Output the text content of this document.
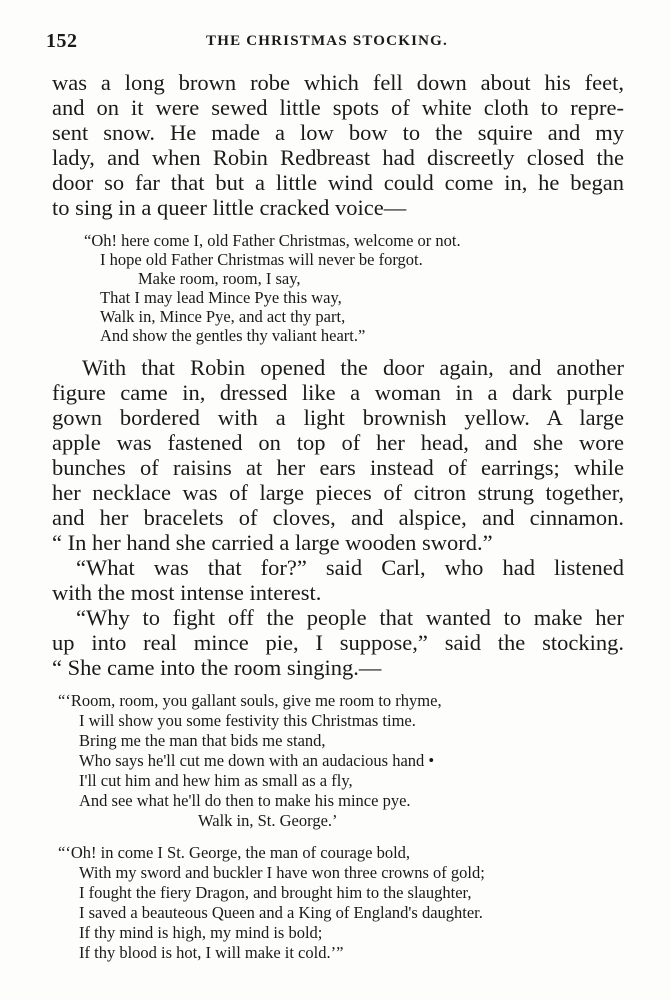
152	THE CHRISTMAS STOCKING.
was a long brown robe which fell down about his feet,
and on it were sewed little spots of white cloth to repre-
sent snow. He made a low bow to the squire and my
lady, and when Robin Redbreast had discreetly closed the
door so far that but a little wind could come in, he began
to sing in a queer little cracked voice—
“Oh! here come I, old Father Christmas, welcome or not.
I hope old Father Christmas will never be forgot.
Make room, room, I say,
That I may lead Mince Pye this way,
Walk in, Mince Pye, and act thy part,
And show the gentles thy valiant heart.”
With that Robin opened the door again, and another
figure came in, dressed like a woman in a dark purple
gown bordered with a light brownish yellow. A large
apple was fastened on top of her head, and she wore
bunches of raisins at her ears instead of earrings; while
her necklace was of large pieces of citron strung together,
and her bracelets of cloves, and alspice, and cinnamon.
“ In her hand she carried a large wooden sword.”
“What was that for?” said Carl, who had listened
with the most intense interest.
“Why to fight off the people that wanted to make her
up into real mince pie, I suppose,” said the stocking.
“ She came into the room singing.—
“‘Room, room, you gallant souls, give me room to rhyme,
I will show you some festivity this Christmas time.
Bring me the man that bids me stand,
Who says he'll cut me down with an audacious hand •
I'll cut him and hew him as small as a fly,
And see what he'll do then to make his mince pye.
Walk in, St. George.’
“‘Oh! in come I St. George, the man of courage bold,
With my sword and buckler I have won three crowns of gold;
I fought the fiery Dragon, and brought him to the slaughter,
I saved a beauteous Queen and a King of England's daughter.
If thy mind is high, my mind is bold;
If thy blood is hot, I will make it cold.’”
